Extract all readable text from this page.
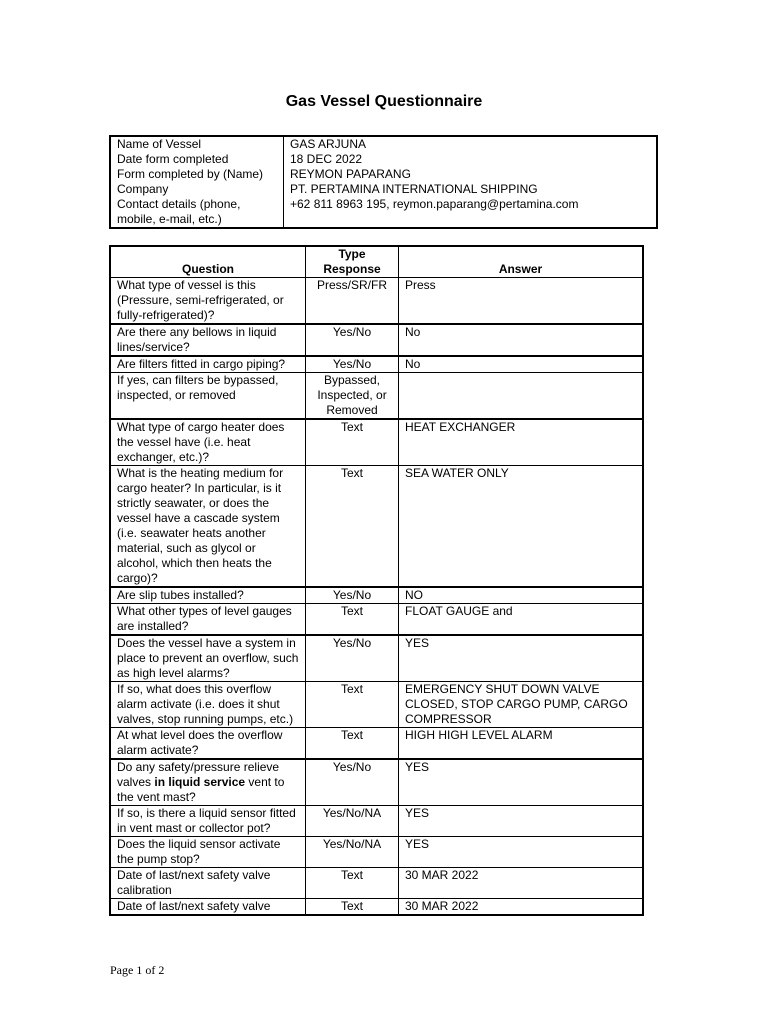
Gas Vessel Questionnaire
Name of Vessel	GAS ARJUNA
Date form completed	18 DEC 2022
Form completed by (Name)	REYMON PAPARANG
Company	PT. PERTAMINA INTERNATIONAL SHIPPING
Contact details (phone, mobile, e-mail, etc.)	+62 811 8963 195, reymon.paparang@pertamina.com
Question	Type Response	Answer
What type of vessel is this (Pressure, semi-refrigerated, or fully-refrigerated)?	Press/SR/FR	Press
Are there any bellows in liquid lines/service?	Yes/No	No
Are filters fitted in cargo piping?	Yes/No	No
If yes, can filters be bypassed, inspected, or removed	Bypassed, Inspected, or Removed	
What type of cargo heater does the vessel have (i.e. heat exchanger, etc.)?	Text	HEAT EXCHANGER
What is the heating medium for cargo heater? In particular, is it strictly seawater, or does the vessel have a cascade system (i.e. seawater heats another material, such as glycol or alcohol, which then heats the cargo)?	Text	SEA WATER ONLY
Are slip tubes installed?	Yes/No	NO
What other types of level gauges are installed?	Text	FLOAT GAUGE and
Does the vessel have a system in place to prevent an overflow, such as high level alarms?	Yes/No	YES
If so, what does this overflow alarm activate (i.e. does it shut valves, stop running pumps, etc.)	Text	EMERGENCY SHUT DOWN VALVE CLOSED, STOP CARGO PUMP, CARGO COMPRESSOR
At what level does the overflow alarm activate?	Text	HIGH HIGH LEVEL ALARM
Do any safety/pressure relieve valves in liquid service vent to the vent mast?	Yes/No	YES
If so, is there a liquid sensor fitted in vent mast or collector pot?	Yes/No/NA	YES
Does the liquid sensor activate the pump stop?	Yes/No/NA	YES
Date of last/next safety valve calibration	Text	30 MAR 2022
Date of last/next safety valve	Text	30 MAR 2022
Page 1 of 2
